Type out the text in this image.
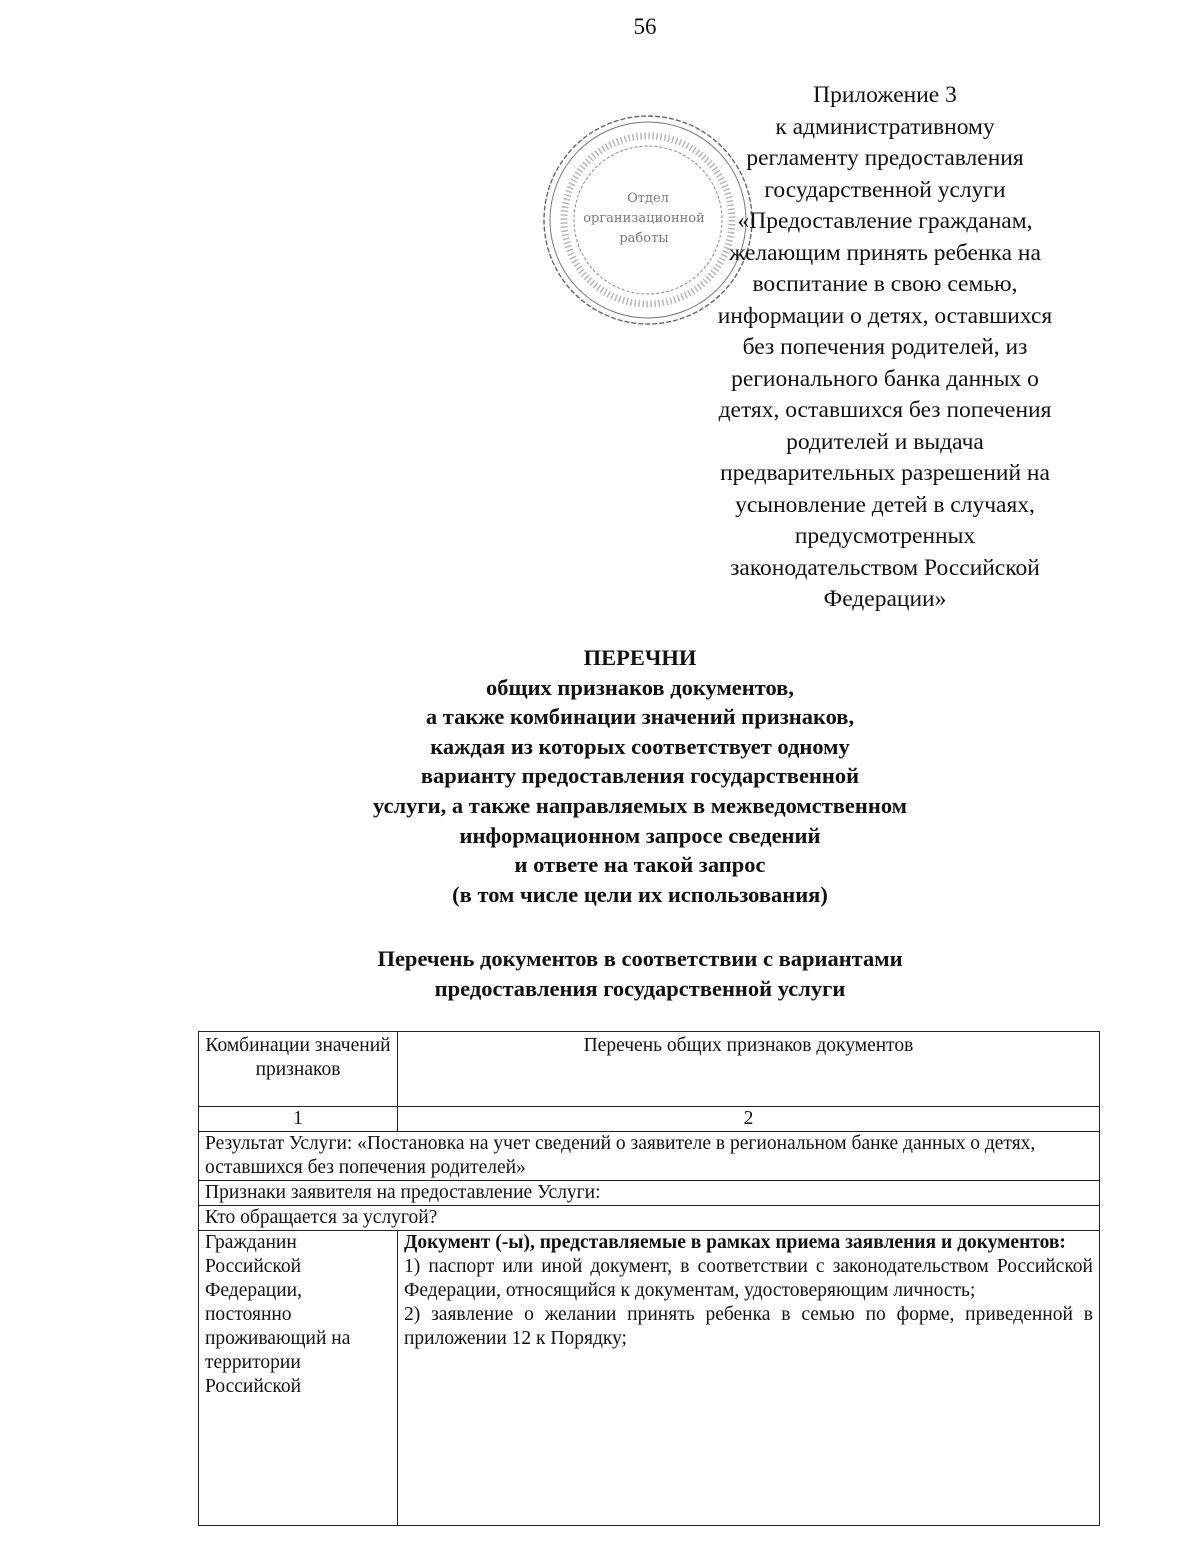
56
Отдел
организационной
работы
Приложение 3
к административному
регламенту предоставления
государственной услуги
«Предоставление гражданам,
желающим принять ребенка на
воспитание в свою семью,
информации о детях, оставшихся
без попечения родителей, из
регионального банка данных о
детях, оставшихся без попечения
родителей и выдача
предварительных разрешений на
усыновление детей в случаях,
предусмотренных
законодательством Российской
Федерации»
ПЕРЕЧНИ
общих признаков документов,
а также комбинации значений признаков,
каждая из которых соответствует одному
варианту предоставления государственной
услуги, а также направляемых в межведомственном
информационном запросе сведений
и ответе на такой запрос
(в том числе цели их использования)
Перечень документов в соответствии с вариантами
предоставления государственной услуги
Комбинации значений признаков	Перечень общих признаков документов
1	2
Результат Услуги: «Постановка на учет сведений о заявителе в региональном банке данных о детях, оставшихся без попечения родителей»	
Признаки заявителя на предоставление Услуги:	
Кто обращается за услугой?	
Гражданин Российской Федерации, постоянно проживающий на территории Российской	Документ (-ы), представляемые в рамках приема заявления и документов:
1) паспорт или иной документ, в соответствии с законодательством Российской Федерации, относящийся к документам, удостоверяющим личность;
2) заявление о желании принять ребенка в семью по форме, приведенной в приложении 12 к Порядку;
